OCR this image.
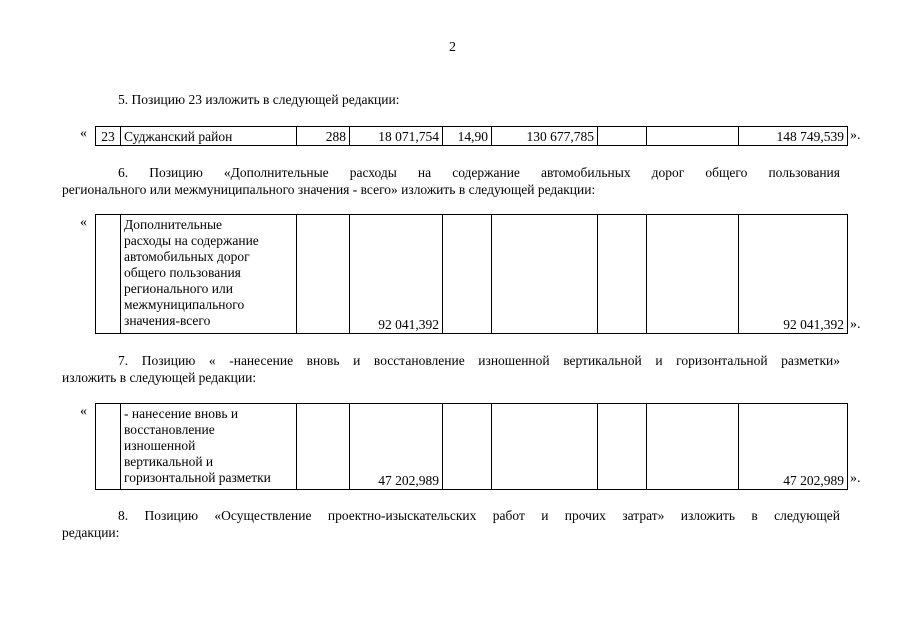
2
5. Позицию 23 изложить в следующей редакции:
« 23	Суджанский район	288	18 071,754	14,90	130 677,785			148 749,539 ».
6. Позицию «Дополнительные расходы на содержание автомобильных дорог общего пользования
регионального или межмуниципального значения - всего» изложить в следующей редакции:
«
		Дополнительные
расходы на содержание
автомобильных дорог
общего пользования
регионального или
межмуниципального
значения-всего		92 041,392					92 041,392 ».
7. Позицию « -нанесение вновь и восстановление изношенной вертикальной и горизонтальной разметки»
изложить в следующей редакции:
«
		- нанесение вновь и
восстановление
изношенной
вертикальной и
горизонтальной разметки		47 202,989					47 202,989 ».
8. Позицию «Осуществление проектно-изыскательских работ и прочих затрат» изложить в следующей
редакции:
